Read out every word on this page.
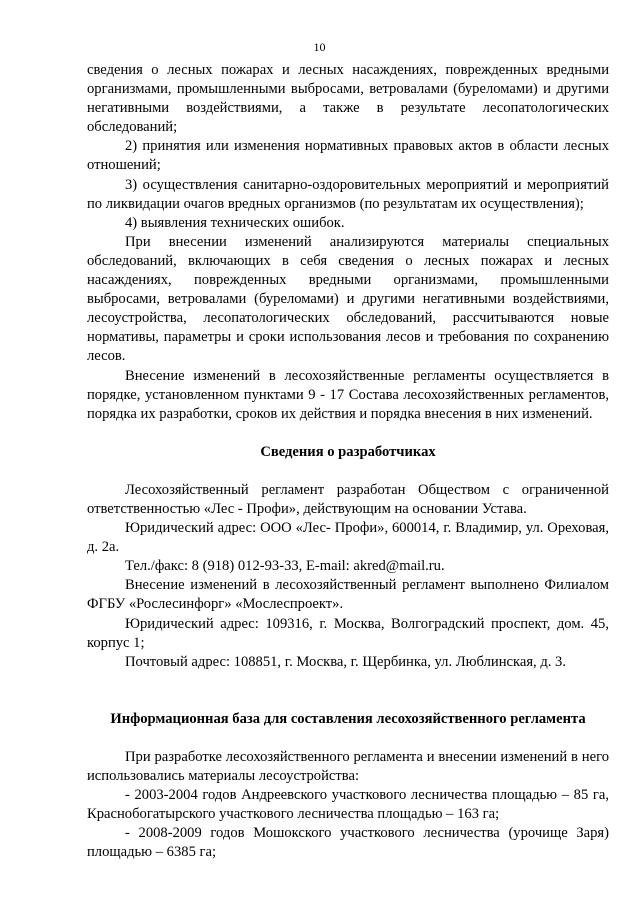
10

сведения о лесных пожарах и лесных насаждениях, поврежденных вредными организмами, промышленными выбросами, ветровалами (буреломами) и другими негативными воздействиями, а также в результате лесопатологических обследований;

2) принятия или изменения нормативных правовых актов в области лесных отношений;

3) осуществления санитарно-оздоровительных мероприятий и мероприятий по ликвидации очагов вредных организмов (по результатам их осуществления);

4) выявления технических ошибок.

При внесении изменений анализируются материалы специальных обследований, включающих в себя сведения о лесных пожарах и лесных насаждениях, поврежденных вредными организмами, промышленными выбросами, ветровалами (буреломами) и другими негативными воздействиями, лесоустройства, лесопатологических обследований, рассчитываются новые нормативы, параметры и сроки использования лесов и требования по сохранению лесов.

Внесение изменений в лесохозяйственные регламенты осуществляется в порядке, установленном пунктами 9 - 17 Состава лесохозяйственных регламентов, порядка их разработки, сроков их действия и порядка внесения в них изменений.

Сведения о разработчиках

Лесохозяйственный регламент разработан Обществом с ограниченной ответственностью «Лес - Профи», действующим на основании Устава.

Юридический адрес: ООО «Лес- Профи», 600014, г. Владимир, ул. Ореховая, д. 2а.

Тел./факс: 8 (918) 012-93-33, E-mail: akred@mail.ru.

Внесение изменений в лесохозяйственный регламент выполнено Филиалом ФГБУ «Рослесинфорг» «Мослеспроект».

Юридический адрес: 109316, г. Москва, Волгоградский проспект, дом. 45, корпус 1;

Почтовый адрес: 108851, г. Москва, г. Щербинка, ул. Люблинская, д. 3.

Информационная база для составления лесохозяйственного регламента

При разработке лесохозяйственного регламента и внесении изменений в него использовались материалы лесоустройства:

- 2003-2004 годов Андреевского участкового лесничества площадью – 85 га, Краснобогатырского участкового лесничества площадью – 163 га;

- 2008-2009 годов Мошокского участкового лесничества (урочище Заря) площадью – 6385 га;
